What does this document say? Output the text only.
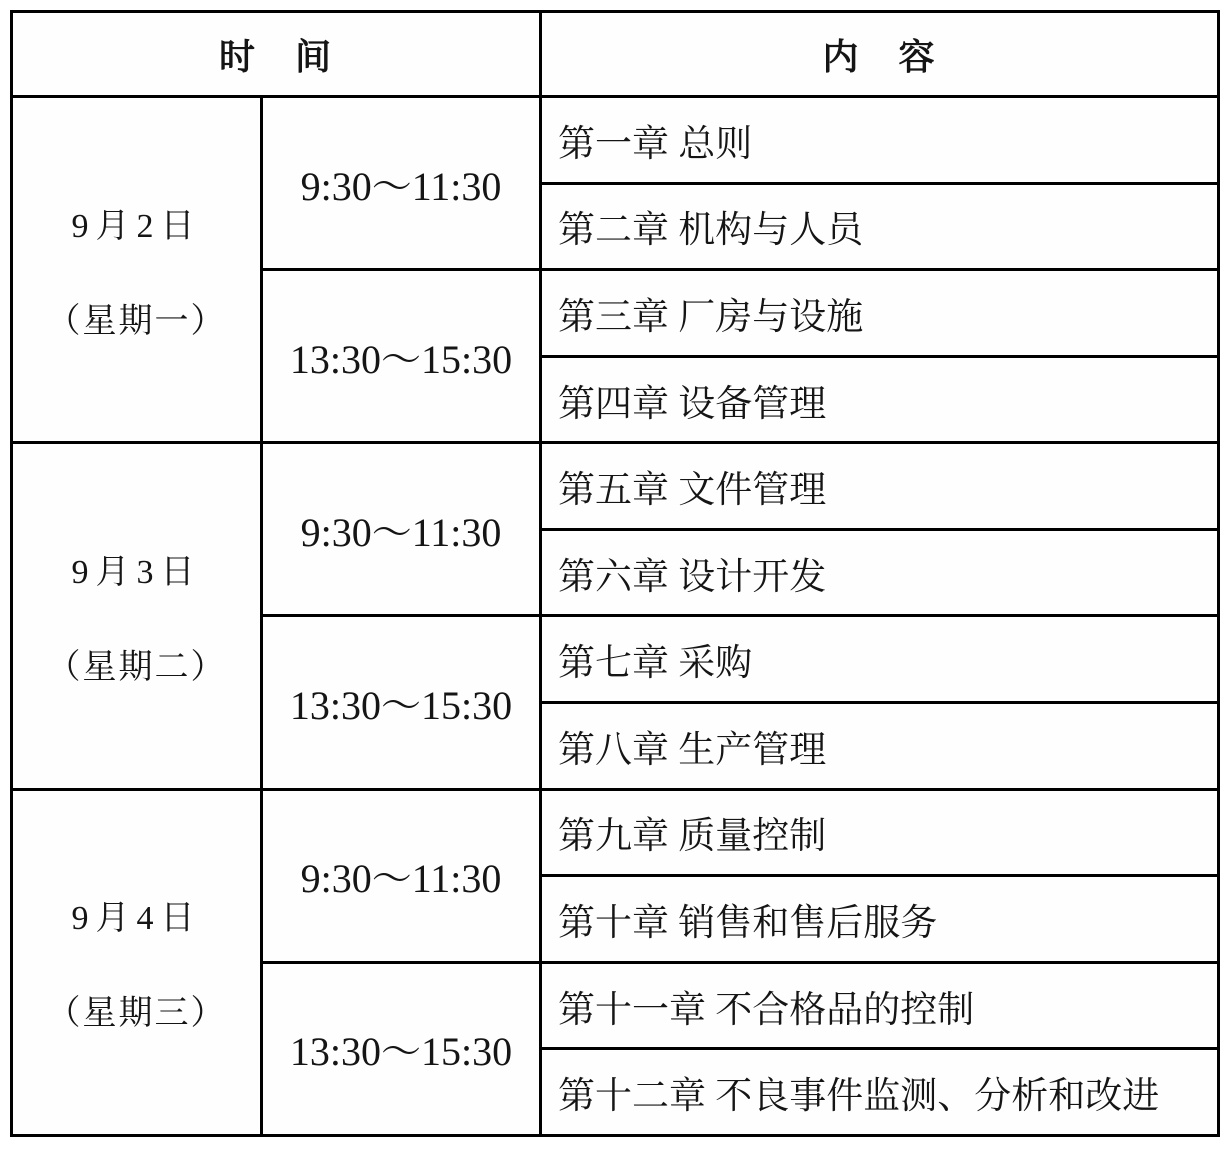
时　间		内　容

9月2日
（星期一）	9:30～11:30	第一章 总则
		第二章 机构与人员
	13:30～15:30	第三章 厂房与设施
		第四章 设备管理

9月3日
（星期二）	9:30～11:30	第五章 文件管理
		第六章 设计开发
	13:30～15:30	第七章 采购
		第八章 生产管理

9月4日
（星期三）	9:30～11:30	第九章 质量控制
		第十章 销售和售后服务
	13:30～15:30	第十一章 不合格品的控制
		第十二章 不良事件监测、分析和改进
